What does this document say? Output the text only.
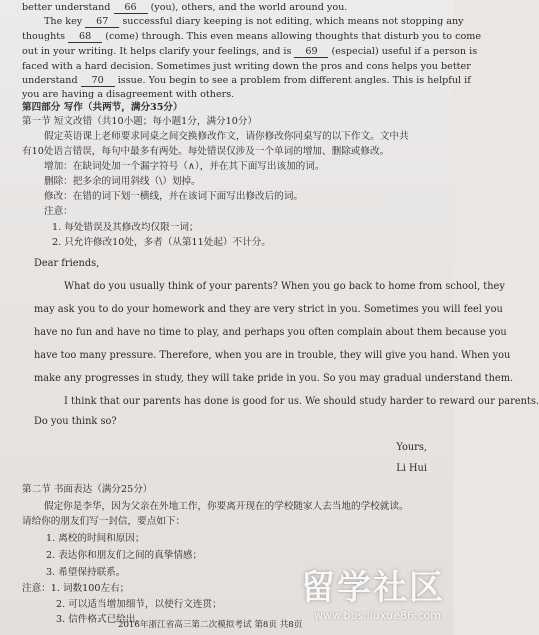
better understand 66 (you), others, and the world around you.
The key 67 successful diary keeping is not editing, which means not stopping any
thoughts 68 (come) through. This even means allowing thoughts that disturb you to come
out in your writing. It helps clarify your feelings, and is 69 (especial) useful if a person is
faced with a hard decision. Sometimes just writing down the pros and cons helps you better
understand 70 issue. You begin to see a problem from different angles. This is helpful if
you are having a disagreement with others.
第四部分 写作（共两节，满分35分）
第一节 短文改错（共10小题；每小题1分，满分10分）
假定英语课上老师要求同桌之间交换修改作文，请你修改你同桌写的以下作文。文中共
有10处语言错误，每句中最多有两处。每处错误仅涉及一个单词的增加、删除或修改。
增加：在缺词处加一个漏字符号（∧），并在其下面写出该加的词。
删除：把多余的词用斜线（\）划掉。
修改：在错的词下划一横线，并在该词下面写出修改后的词。
注意：
1. 每处错误及其修改均仅限一词；
2. 只允许修改10处，多者（从第11处起）不计分。
Dear friends,
What do you usually think of your parents? When you go back to home from school, they
may ask you to do your homework and they are very strict in you. Sometimes you will feel you
have no fun and have no time to play, and perhaps you often complain about them because you
have too many pressure. Therefore, when you are in trouble, they will give you hand. When you
make any progresses in study, they will take pride in you. So you may gradual understand them.
I think that our parents has done is good for us. We should study harder to reward our parents.
Do you think so?
Yours,
Li Hui
第二节 书面表达（满分25分）
假定你是李华，因为父亲在外地工作，你要离开现在的学校随家人去当地的学校就读。
请给你的朋友们写一封信，要点如下：
1. 离校的时间和原因；
2. 表达你和朋友们之间的真挚情感；
3. 希望保持联系。
注意：1. 词数100左右；
2. 可以适当增加细节，以使行文连贯；
3. 信件格式已给出。
2016年浙江省高三第二次模拟考试 第8页 共8页
留学社区
www.bbs.liuxue86.com
